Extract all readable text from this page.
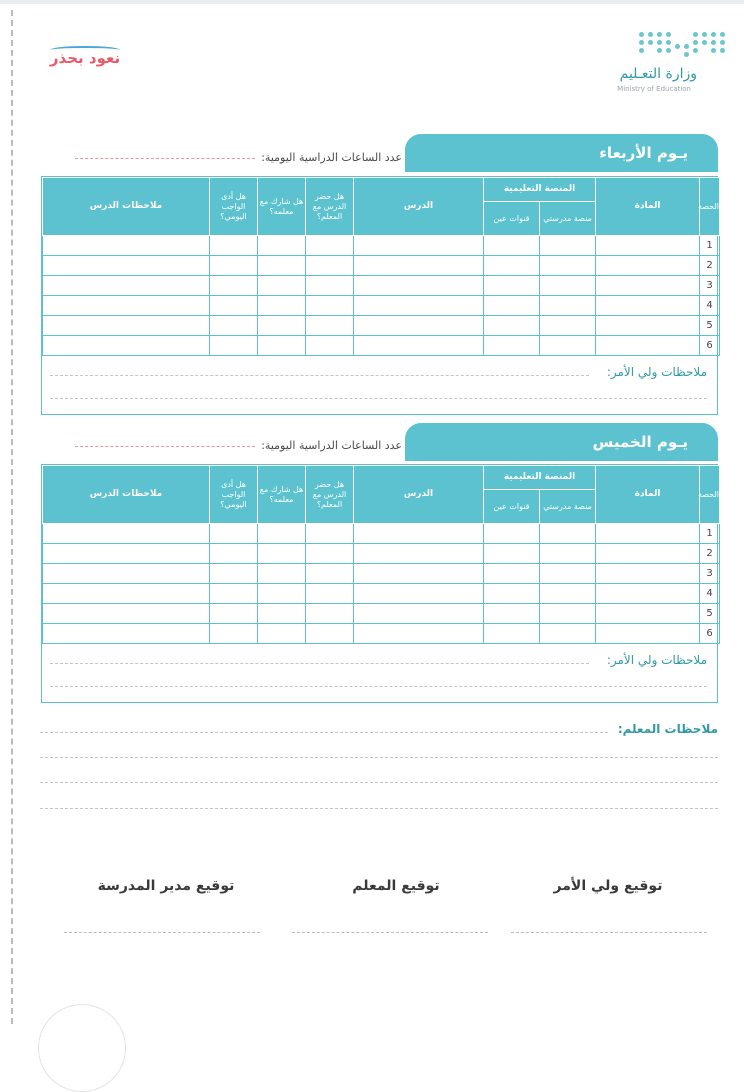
نعود بحذر
وزارة التعـليم
Ministry of Education
يـوم الأربعاء
عدد الساعات الدراسية اليومية:
الحصة	المادة	المنصة التعليمية		الدرس	هل حضر الدرس مع المعلم؟	هل شارك مع معلمه؟	هل أدى الواجب اليومي؟	ملاحظات الدرس
		منصة مدرستي	قنوات عين					
1								
2								
3								
4								
5								
6								
ملاحظات ولي الأمر:
يـوم الخميس
عدد الساعات الدراسية اليومية:
الحصة	المادة	المنصة التعليمية		الدرس	هل حضر الدرس مع المعلم؟	هل شارك مع معلمه؟	هل أدى الواجب اليومي؟	ملاحظات الدرس
		منصة مدرستي	قنوات عين					
1								
2								
3								
4								
5								
6								
ملاحظات ولي الأمر:
ملاحظات المعلم:
توقيع ولي الأمر
توقيع المعلم
توقيع مدير المدرسة
